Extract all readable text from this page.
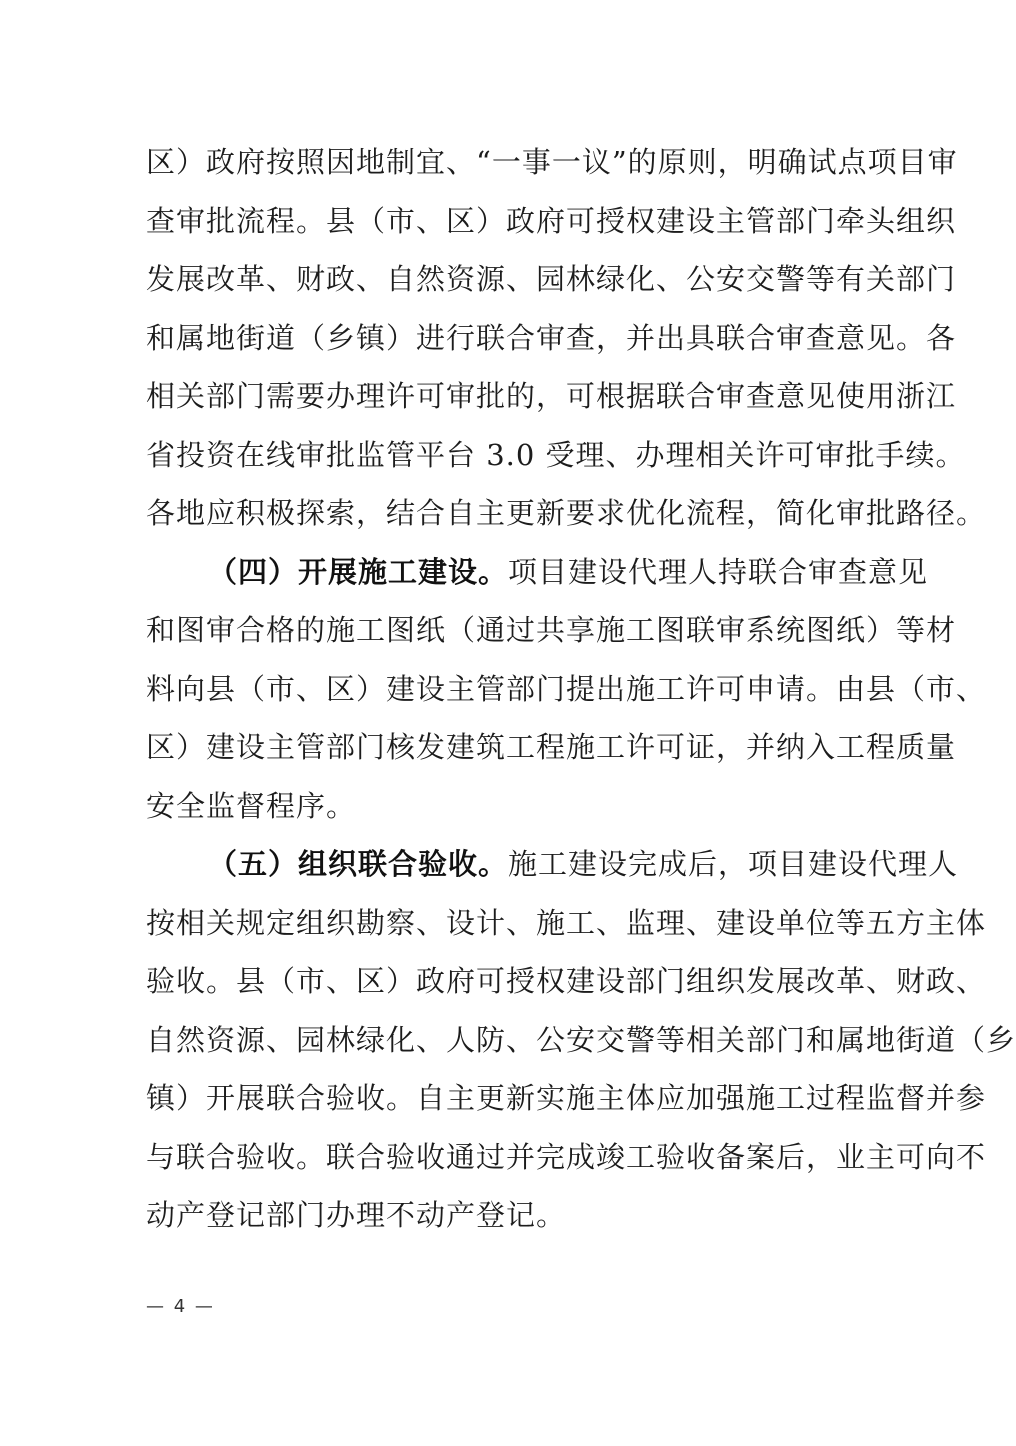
区）政府按照因地制宜、“一事一议”的原则，明确试点项目审
查审批流程。县（市、区）政府可授权建设主管部门牵头组织
发展改革、财政、自然资源、园林绿化、公安交警等有关部门
和属地街道（乡镇）进行联合审查，并出具联合审查意见。各
相关部门需要办理许可审批的，可根据联合审查意见使用浙江
省投资在线审批监管平台 3.0 受理、办理相关许可审批手续。
各地应积极探索，结合自主更新要求优化流程，简化审批路径。
（四）开展施工建设。项目建设代理人持联合审查意见
和图审合格的施工图纸（通过共享施工图联审系统图纸）等材
料向县（市、区）建设主管部门提出施工许可申请。由县（市、
区）建设主管部门核发建筑工程施工许可证，并纳入工程质量
安全监督程序。
（五）组织联合验收。施工建设完成后，项目建设代理人
按相关规定组织勘察、设计、施工、监理、建设单位等五方主体
验收。县（市、区）政府可授权建设部门组织发展改革、财政、
自然资源、园林绿化、人防、公安交警等相关部门和属地街道（乡
镇）开展联合验收。自主更新实施主体应加强施工过程监督并参
与联合验收。联合验收通过并完成竣工验收备案后，业主可向不
动产登记部门办理不动产登记。
— 4 —
